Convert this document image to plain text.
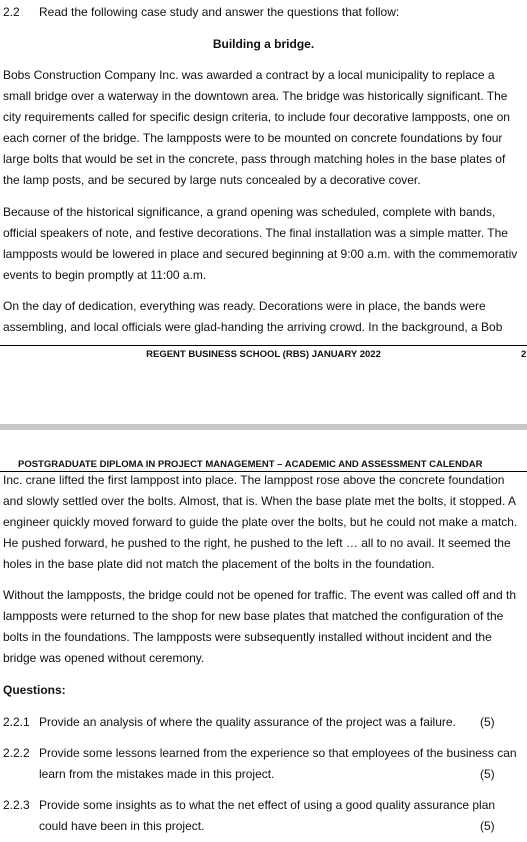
2.2 Read the following case study and answer the questions that follow:
Building a bridge.
Bobs Construction Company Inc. was awarded a contract by a local municipality to replace a
small bridge over a waterway in the downtown area. The bridge was historically significant. The
city requirements called for specific design criteria, to include four decorative lampposts, one on
each corner of the bridge. The lampposts were to be mounted on concrete foundations by four
large bolts that would be set in the concrete, pass through matching holes in the base plates of
the lamp posts, and be secured by large nuts concealed by a decorative cover.
Because of the historical significance, a grand opening was scheduled, complete with bands,
official speakers of note, and festive decorations. The final installation was a simple matter. The
lampposts would be lowered in place and secured beginning at 9:00 a.m. with the commemorativ
events to begin promptly at 11:00 a.m.
On the day of dedication, everything was ready. Decorations were in place, the bands were
assembling, and local officials were glad-handing the arriving crowd. In the background, a Bob
REGENT BUSINESS SCHOOL (RBS) JANUARY 2022	2
POSTGRADUATE DIPLOMA IN PROJECT MANAGEMENT – ACADEMIC AND ASSESSMENT CALENDAR
Inc. crane lifted the first lamppost into place. The lamppost rose above the concrete foundation
and slowly settled over the bolts. Almost, that is. When the base plate met the bolts, it stopped. A
engineer quickly moved forward to guide the plate over the bolts, but he could not make a match.
He pushed forward, he pushed to the right, he pushed to the left … all to no avail. It seemed the
holes in the base plate did not match the placement of the bolts in the foundation.
Without the lampposts, the bridge could not be opened for traffic. The event was called off and th
lampposts were returned to the shop for new base plates that matched the configuration of the
bolts in the foundations. The lampposts were subsequently installed without incident and the
bridge was opened without ceremony.
Questions:
2.2.1 Provide an analysis of where the quality assurance of the project was a failure. (5)
2.2.2 Provide some lessons learned from the experience so that employees of the business can
learn from the mistakes made in this project.	(5)
2.2.3 Provide some insights as to what the net effect of using a good quality assurance plan
could have been in this project.	(5)
